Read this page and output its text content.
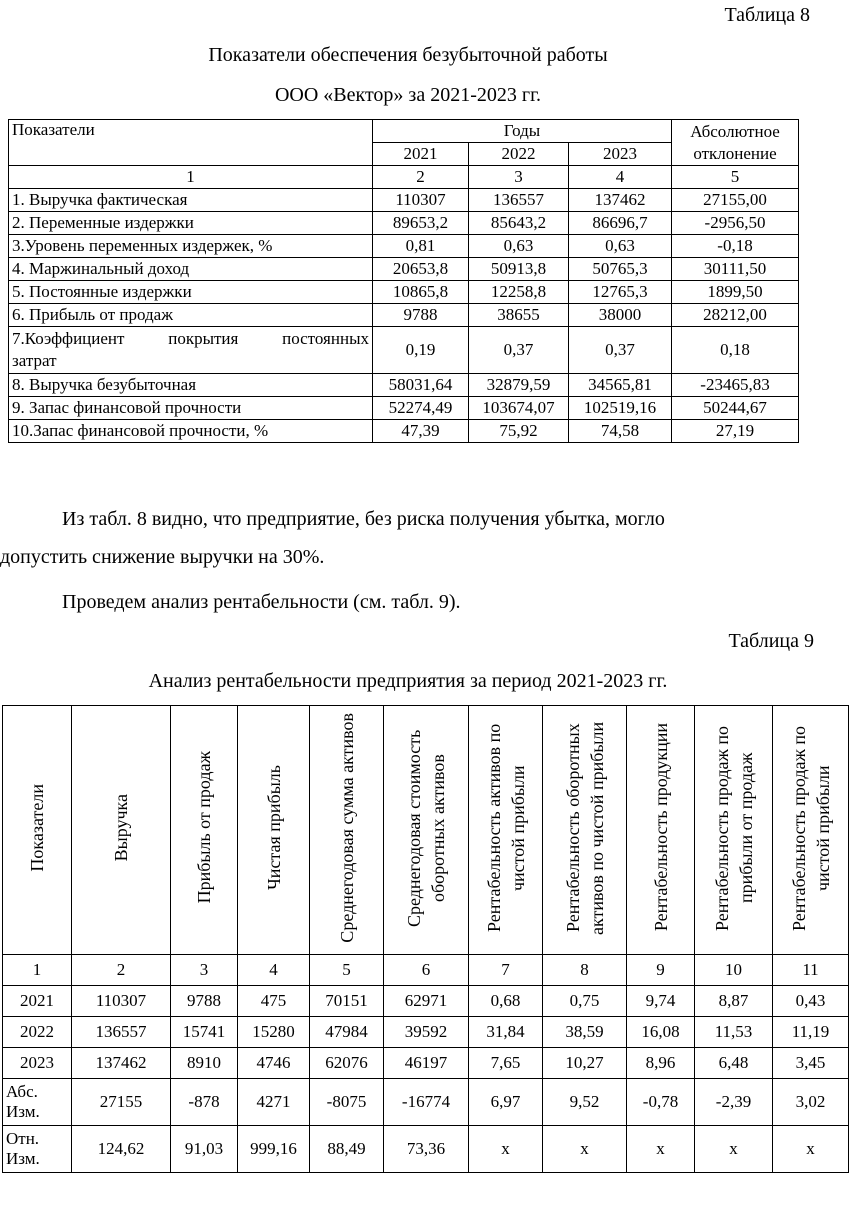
Таблица 8
Показатели обеспечения безубыточной работы
ООО «Вектор» за 2021-2023 гг.
Показатели	Годы			Абсолютное
отклонение

	2021	2022	2023	
1	2	3	4	5
1. Выручка фактическая	110307	136557	137462	27155,00
2. Переменные издержки	89653,2	85643,2	86696,7	-2956,50
3.Уровень переменных издержек, %	0,81	0,63	0,63	-0,18
4. Маржинальный доход	20653,8	50913,8	50765,3	30111,50
5. Постоянные издержки	10865,8	12258,8	12765,3	1899,50
6. Прибыль от продаж	9788	38655	38000	28212,00

7.Коэффициент покрытия постоянных
затрат	0,19	0,37	0,37	0,18
8. Выручка безубыточная	58031,64	32879,59	34565,81	-23465,83
9. Запас финансовой прочности	52274,49	103674,07	102519,16	50244,67
10.Запас финансовой прочности, %	47,39	75,92	74,58	27,19
Из табл. 8 видно, что предприятие, без риска получения убытка, могло
допустить снижение выручки на 30%.
Проведем анализ рентабельности (см. табл. 9).
Таблица 9
Анализ рентабельности предприятия за период 2021-2023 гг.
Показатели	Выручка	Прибыль от продаж	Чистая прибыль	Среднегодовая сумма активов	Среднегодовая стоимость оборотных активов	Рентабельность активов по чистой прибыли	Рентабельность оборотных активов по чистой прибыли	Рентабельность продукции	Рентабельность продаж по прибыли от продаж	Рентабельность продаж по чистой прибыли
1	2	3	4	5	6	7	8	9	10	11
2021	110307	9788	475	70151	62971	0,68	0,75	9,74	8,87	0,43
2022	136557	15741	15280	47984	39592	31,84	38,59	16,08	11,53	11,19
2023	137462	8910	4746	62076	46197	7,65	10,27	8,96	6,48	3,45

Абс.
Изм.	27155	-878	4271	-8075	-16774	6,97	9,52	-0,78	-2,39	3,02

Отн.
Изм.	124,62	91,03	999,16	88,49	73,36	х	х	х	х	х
